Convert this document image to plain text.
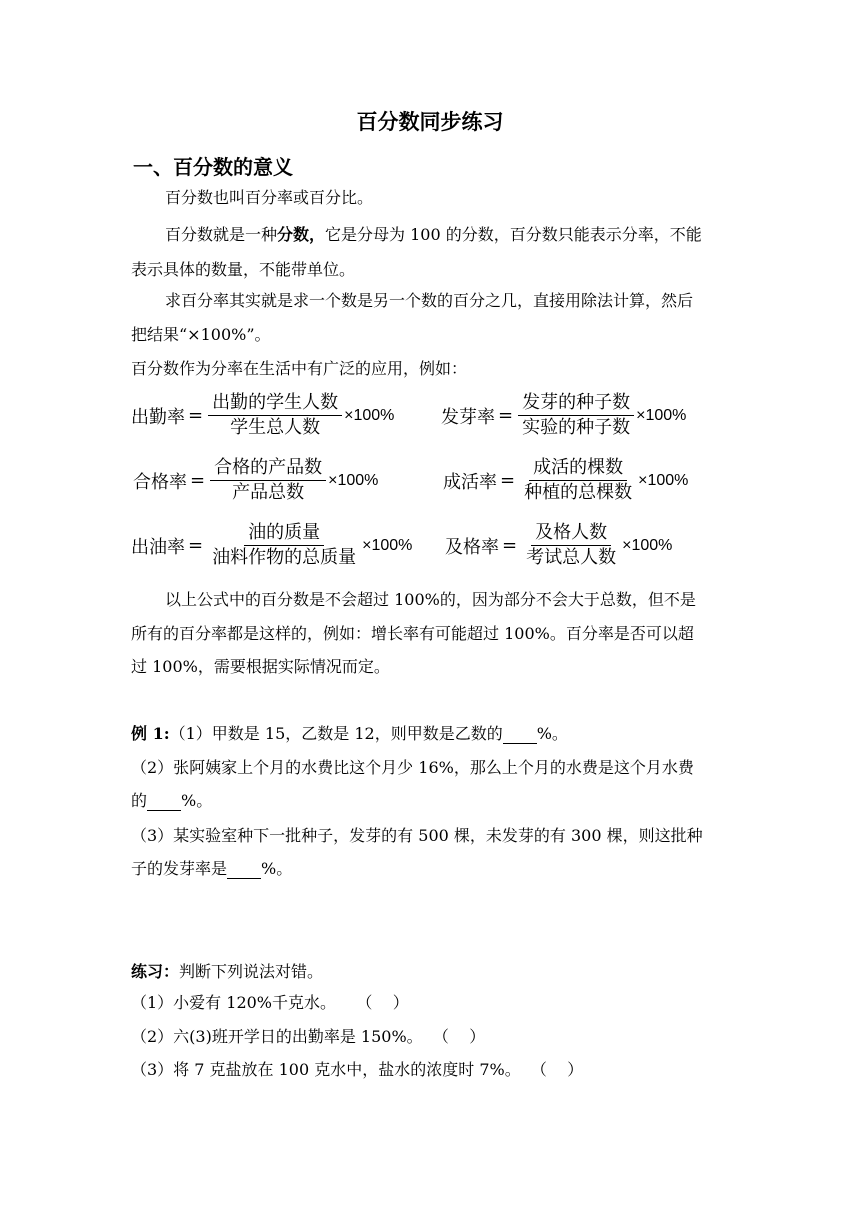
百分数同步练习
一、百分数的意义
百分数也叫百分率或百分比。
百分数就是一种分数，它是分母为 100 的分数，百分数只能表示分率，不能
表示具体的数量，不能带单位。
求百分率其实就是求一个数是另一个数的百分之几，直接用除法计算，然后
把结果“×100%”。
百分数作为分率在生活中有广泛的应用，例如：
出勤率 = $\frac{\text{出勤的学生人数}}{\text{学生总人数}} \times 100\%$	发芽率 = $\frac{\text{发芽的种子数}}{\text{实验的种子数}} \times 100\%$
合格率 = $\frac{\text{合格的产品数}}{\text{产品总数}} \times 100\%$	成活率 = $\frac{\text{成活的棵数}}{\text{种植的总棵数}} \times 100\%$
出油率 = $\frac{\text{油的质量}}{\text{油料作物的总质量}} \times 100\%$ 及格率 = $\frac{\text{及格人数}}{\text{考试总人数}} \times 100\%$
以上公式中的百分数是不会超过 100%的，因为部分不会大于总数，但不是
所有的百分率都是这样的，例如：增长率有可能超过 100%。百分率是否可以超
过 100%，需要根据实际情况而定。
例 1:（1）甲数是 15，乙数是 12，则甲数是乙数的 %。
（2）张阿姨家上个月的水费比这个月少 16%，那么上个月的水费是这个月水费
的 %。
（3）某实验室种下一批种子，发芽的有 500 棵，未发芽的有 300 棵，则这批种
子的发芽率是 %。
练习：判断下列说法对错。
（1）小爱有 120%千克水。    （    ）
（2）六(3)班开学日的出勤率是 150%。  （    ）
（3）将 7 克盐放在 100 克水中，盐水的浓度时 7%。  （    ）
